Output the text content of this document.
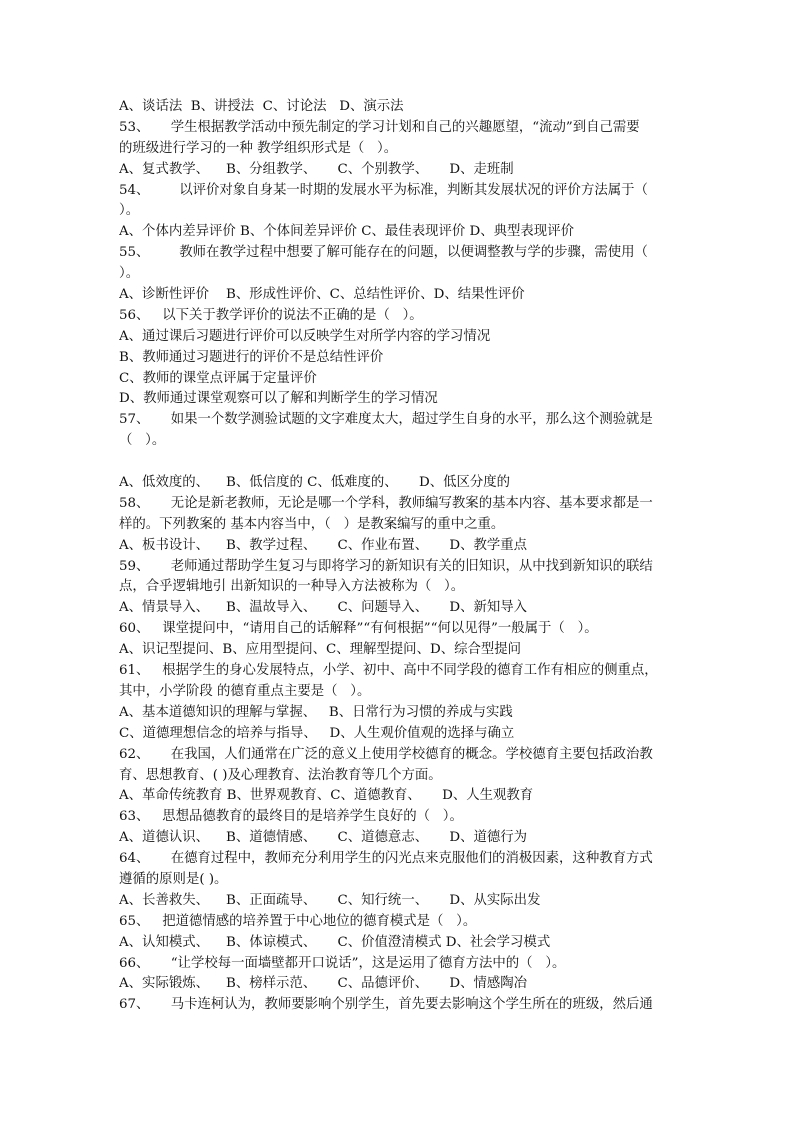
A、谈话法  B、讲授法  C、讨论法   D、演示法
53、     学生根据教学活动中预先制定的学习计划和自己的兴趣愿望，“流动”到自己需要
的班级进行学习的一种 教学组织形式是（   ）。
A、复式教学、    B、分组教学、     C、个别教学、     D、走班制
54、       以评价对象自身某一时期的发展水平为标准，判断其发展状况的评价方法属于（
）。
A、个体内差异评价 B、个体间差异评价 C、最佳表现评价 D、典型表现评价
55、       教师在教学过程中想要了解可能存在的问题，以便调整教与学的步骤，需使用（
）。
A、诊断性评价    B、形成性评价、C、总结性评价、D、结果性评价
56、   以下关于教学评价的说法不正确的是（   ）。
A、通过课后习题进行评价可以反映学生对所学内容的学习情况
B、教师通过习题进行的评价不是总结性评价
C、教师的课堂点评属于定量评价
D、教师通过课堂观察可以了解和判断学生的学习情况
57、     如果一个数学测验试题的文字难度太大，超过学生自身的水平，那么这个测验就是
（   ）。
A、低效度的、    B、低信度的 C、低难度的、     D、低区分度的
58、     无论是新老教师，无论是哪一个学科，教师编写教案的基本内容、基本要求都是一
样的。下列教案的 基本内容当中，（   ）是教案编写的重中之重。
A、板书设计、    B、教学过程、     C、作业布置、     D、教学重点
59、     老师通过帮助学生复习与即将学习的新知识有关的旧知识，从中找到新知识的联结
点，合乎逻辑地引 出新知识的一种导入方法被称为（   ）。
A、情景导入、    B、温故导入、     C、问题导入、     D、新知导入
60、   课堂提问中，“请用自己的话解释”“有何根据”“何以见得”一般属于（   ）。
A、识记型提问、B、应用型提问、C、理解型提问、D、综合型提问
61、   根据学生的身心发展特点，小学、初中、高中不同学段的德育工作有相应的侧重点，
其中，小学阶段 的德育重点主要是（   ）。
A、基本道德知识的理解与掌握、   B、日常行为习惯的养成与实践
C、道德理想信念的培养与指导、   D、人生观价值观的选择与确立
62、     在我国，人们通常在广泛的意义上使用学校德育的概念。学校德育主要包括政治教
育、思想教育、( )及心理教育、法治教育等几个方面。
A、革命传统教育 B、世界观教育、C、道德教育、     D、人生观教育
63、   思想品德教育的最终目的是培养学生良好的（   ）。
A、道德认识、    B、道德情感、     C、道德意志、     D、道德行为
64、     在德育过程中，教师充分利用学生的闪光点来克服他们的消极因素，这种教育方式
遵循的原则是( )。
A、长善救失、    B、正面疏导、     C、知行统一、     D、从实际出发
65、   把道德情感的培养置于中心地位的德育模式是（   ）。
A、认知模式、    B、体谅模式、     C、价值澄清模式 D、社会学习模式
66、     “让学校每一面墙壁都开口说话”，这是运用了德育方法中的（   ）。
A、实际锻炼、    B、榜样示范、     C、品德评价、     D、情感陶冶
67、     马卡连柯认为，教师要影响个别学生，首先要去影响这个学生所在的班级，然后通
